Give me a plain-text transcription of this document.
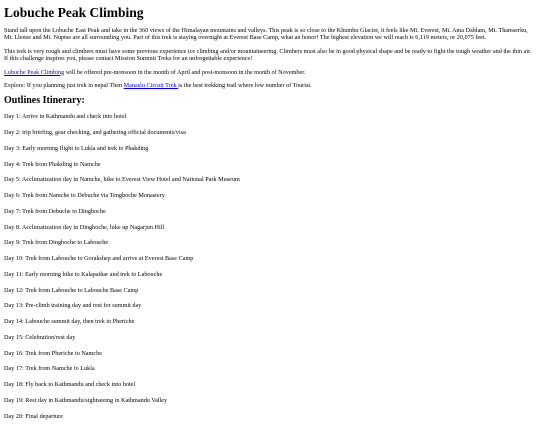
Lobuche Peak Climbing

Stand tall upon the Lobuche East Peak and take in the 360 views of the Himalayan mountains and valleys. This peak is so close to the Khumbu Glacier, it feels like Mt. Everest, Mt. Ama Dablam, Mt. Thamserku, Mt. Lhotse and Mt. Nuptse are all surrounding you. Part of this trek is staying overnight at Everest Base Camp, what an honor! The highest elevation we will reach is 6,119 meters, or 20,075 feet.

This trek is very rough and climbers must have some previous experience ice climbing and/or mountaineering. Climbers must also be in good physical shape and be ready to fight the tough weather and the thin air. If this challenge inspires you, please contact Mission Summit Treks for an unforgettable experience!

Lobuche Peak Climbing will be offered pre-monsoon in the month of April and post-monsoon in the month of November.

Explore: If you planning just trek in nepal Then Manaslu Circuit Trek is the best trekking trail where low number of Tourist.

Outlines Itinerary:
Day 1: Arrive in Kathmandu and check into hotel
Day 2: trip briefing, gear checking, and gathering official documents/visa
Day 3: Early morning flight to Lukla and trek to Phakding
Day 4: Trek from Phakding to Namche
Day 5: Acclimatization day in Namche, hike to Everest View Hotel and National Park Museum
Day 6: Trek from Namche to Debuche via Tengboche Monastery
Day 7: Trek from Debuche to Dingboche
Day 8: Acclimatization day in Dingboche, hike up Nagarjun Hill
Day 9: Trek from Dingboche to Labouche
Day 10: Trek from Labouche to Gorakshep and arrive at Everest Base Camp
Day 11: Early morning hike to Kalapathar and trek to Labouche
Day 12: Trek from Labouche to Labouche Base Camp
Day 13: Pre-climb training day and rest for summit day
Day 14: Labouche summit day, then trek to Pheriche
Day 15: Celebration/rest day
Day 16: Trek from Pheriche to Namche
Day 17: Trek from Namche to Lukla
Day 18: Fly back to Kathmandu and check into hotel
Day 19: Rest day in Kathmandu/sightseeing in Kathmandu Valley
Day 20: Final departure
